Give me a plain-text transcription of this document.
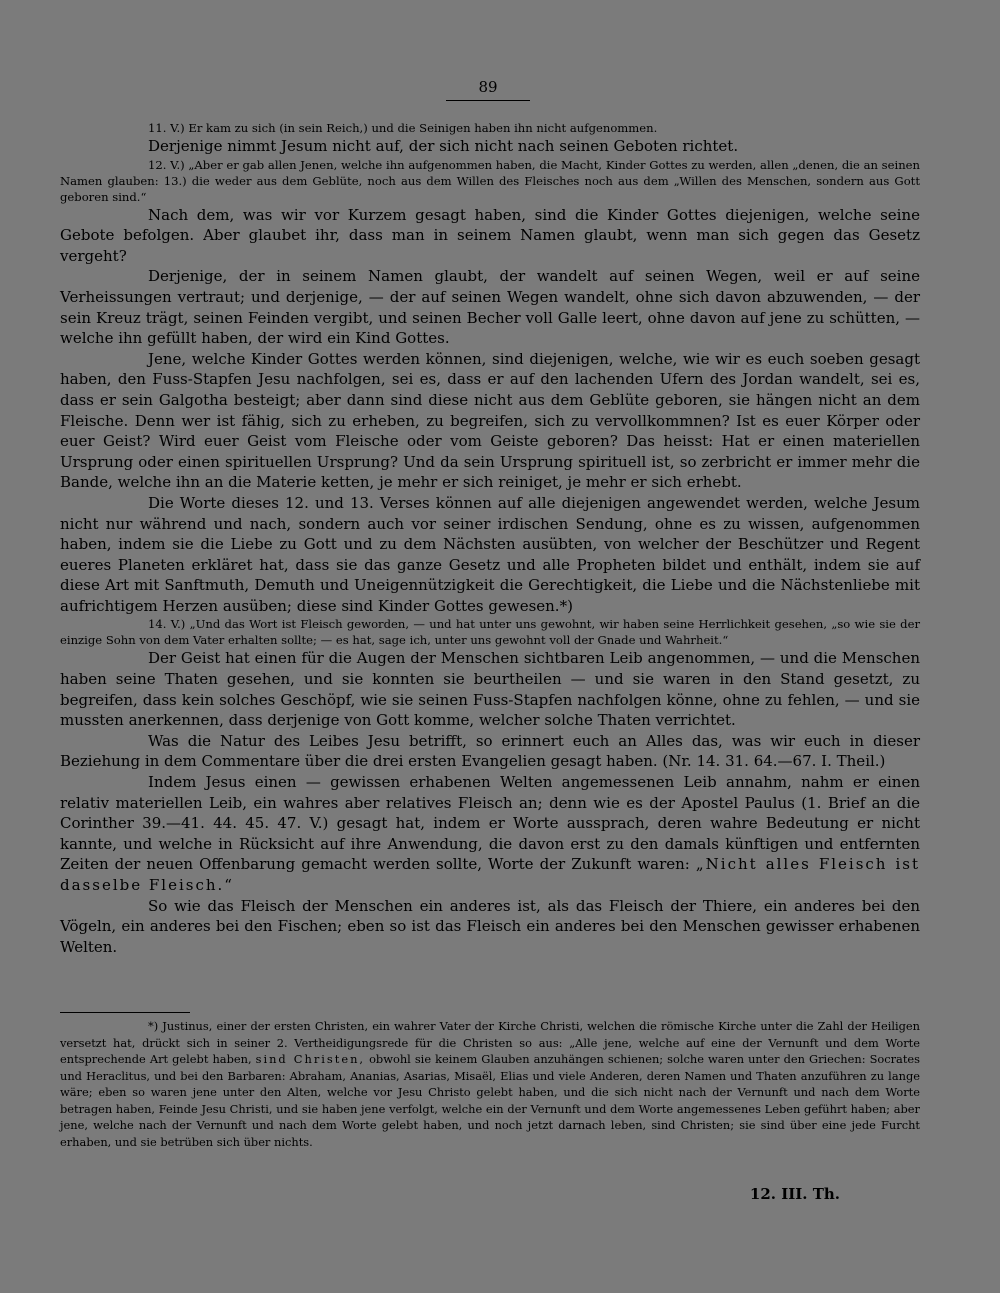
89

11. V.) Er kam zu sich (in sein Reich,) und die Seinigen haben ihn nicht aufgenommen.

Derjenige nimmt Jesum nicht auf, der sich nicht nach seinen Geboten richtet.

12. V.) „Aber er gab allen Jenen, welche ihn aufgenommen haben, die Macht, Kinder Gottes zu werden, allen „denen, die an seinen Namen glauben: 13.) die weder aus dem Geblüte, noch aus dem Willen des Fleisches noch aus dem „Willen des Menschen, sondern aus Gott geboren sind.“

Nach dem, was wir vor Kurzem gesagt haben, sind die Kinder Gottes diejenigen, welche seine Gebote befolgen. Aber glaubet ihr, dass man in seinem Namen glaubt, wenn man sich gegen das Gesetz vergeht?

Derjenige, der in seinem Namen glaubt, der wandelt auf seinen Wegen, weil er auf seine Verheissungen vertraut; und derjenige, — der auf seinen Wegen wandelt, ohne sich davon abzuwenden, — der sein Kreuz trägt, seinen Feinden vergibt, und seinen Becher voll Galle leert, ohne davon auf jene zu schütten, — welche ihn gefüllt haben, der wird ein Kind Gottes.

Jene, welche Kinder Gottes werden können, sind diejenigen, welche, wie wir es euch soeben gesagt haben, den Fuss-Stapfen Jesu nachfolgen, sei es, dass er auf den lachenden Ufern des Jordan wandelt, sei es, dass er sein Galgotha besteigt; aber dann sind diese nicht aus dem Geblüte geboren, sie hängen nicht an dem Fleische. Denn wer ist fähig, sich zu erheben, zu begreifen, sich zu vervollkommnen? Ist es euer Körper oder euer Geist? Wird euer Geist vom Fleische oder vom Geiste geboren? Das heisst: Hat er einen materiellen Ursprung oder einen spirituellen Ursprung? Und da sein Ursprung spirituell ist, so zerbricht er immer mehr die Bande, welche ihn an die Materie ketten, je mehr er sich reiniget, je mehr er sich erhebt.

Die Worte dieses 12. und 13. Verses können auf alle diejenigen angewendet werden, welche Jesum nicht nur während und nach, sondern auch vor seiner irdischen Sendung, ohne es zu wissen, aufgenommen haben, indem sie die Liebe zu Gott und zu dem Nächsten ausübten, von welcher der Beschützer und Regent eueres Planeten erkläret hat, dass sie das ganze Gesetz und alle Propheten bildet und enthält, indem sie auf diese Art mit Sanftmuth, Demuth und Uneigennützigkeit die Gerechtigkeit, die Liebe und die Nächstenliebe mit aufrichtigem Herzen ausüben; diese sind Kinder Gottes gewesen.*)

14. V.) „Und das Wort ist Fleisch geworden, — und hat unter uns gewohnt, wir haben seine Herrlichkeit gesehen, „so wie sie der einzige Sohn von dem Vater erhalten sollte; — es hat, sage ich, unter uns gewohnt voll der Gnade und Wahrheit.“

Der Geist hat einen für die Augen der Menschen sichtbaren Leib angenommen, — und die Menschen haben seine Thaten gesehen, und sie konnten sie beurtheilen — und sie waren in den Stand gesetzt, zu begreifen, dass kein solches Geschöpf, wie sie seinen Fuss-Stapfen nachfolgen könne, ohne zu fehlen, — und sie mussten anerkennen, dass derjenige von Gott komme, welcher solche Thaten verrichtet.

Was die Natur des Leibes Jesu betrifft, so erinnert euch an Alles das, was wir euch in dieser Beziehung in dem Commentare über die drei ersten Evangelien gesagt haben. (Nr. 14. 31. 64.—67. I. Theil.)

Indem Jesus einen — gewissen erhabenen Welten angemessenen Leib annahm, nahm er einen relativ materiellen Leib, ein wahres aber relatives Fleisch an; denn wie es der Apostel Paulus (1. Brief an die Corinther 39.—41. 44. 45. 47. V.) gesagt hat, indem er Worte aussprach, deren wahre Bedeutung er nicht kannte, und welche in Rücksicht auf ihre Anwendung, die davon erst zu den damals künftigen und entfernten Zeiten der neuen Offenbarung gemacht werden sollte, Worte der Zukunft waren: „Nicht alles Fleisch ist dasselbe Fleisch.“

So wie das Fleisch der Menschen ein anderes ist, als das Fleisch der Thiere, ein anderes bei den Vögeln, ein anderes bei den Fischen; eben so ist das Fleisch ein anderes bei den Menschen gewisser erhabenen Welten.

*) Justinus, einer der ersten Christen, ein wahrer Vater der Kirche Christi, welchen die römische Kirche unter die Zahl der Heiligen versetzt hat, drückt sich in seiner 2. Vertheidigungsrede für die Christen so aus: „Alle jene, welche auf eine der Vernunft und dem Worte entsprechende Art gelebt haben, sind Christen, obwohl sie keinem Glauben anzuhängen schienen; solche waren unter den Griechen: Socrates und Heraclitus, und bei den Barbaren: Abraham, Ananias, Asarias, Misaël, Elias und viele Anderen, deren Namen und Thaten anzuführen zu lange wäre; eben so waren jene unter den Alten, welche vor Jesu Christo gelebt haben, und die sich nicht nach der Vernunft und nach dem Worte betragen haben, Feinde Jesu Christi, und sie haben jene verfolgt, welche ein der Vernunft und dem Worte angemessenes Leben geführt haben; aber jene, welche nach der Vernunft und nach dem Worte gelebt haben, und noch jetzt darnach leben, sind Christen; sie sind über eine jede Furcht erhaben, und sie betrüben sich über nichts.

12. III. Th.
